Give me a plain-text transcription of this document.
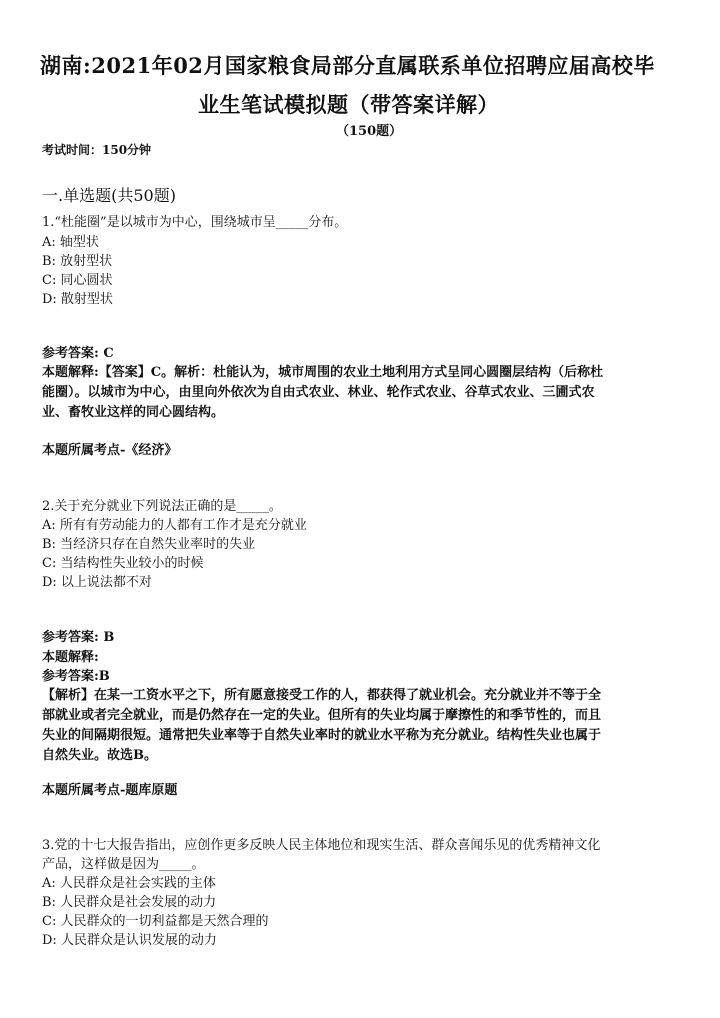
湖南:2021年02月国家粮食局部分直属联系单位招聘应届高校毕
业生笔试模拟题（带答案详解）
（150题）
考试时间：150分钟
一.单选题(共50题)
1.“杜能圈”是以城市为中心，围绕城市呈_____分布。
A: 轴型状
B: 放射型状
C: 同心圆状
D: 散射型状
参考答案: C
本题解释:【答案】C。解析：杜能认为，城市周围的农业土地利用方式呈同心圆圈层结构（后称杜
能圈）。以城市为中心，由里向外依次为自由式农业、林业、轮作式农业、谷草式农业、三圃式农
业、畜牧业这样的同心圆结构。
本题所属考点-《经济》
2.关于充分就业下列说法正确的是_____。
A: 所有有劳动能力的人都有工作才是充分就业
B: 当经济只存在自然失业率时的失业
C: 当结构性失业较小的时候
D: 以上说法都不对
参考答案: B
本题解释:
参考答案:B
【解析】在某一工资水平之下，所有愿意接受工作的人，都获得了就业机会。充分就业并不等于全
部就业或者完全就业，而是仍然存在一定的失业。但所有的失业均属于摩擦性的和季节性的，而且
失业的间隔期很短。通常把失业率等于自然失业率时的就业水平称为充分就业。结构性失业也属于
自然失业。故选B。
本题所属考点-题库原题
3.党的十七大报告指出，应创作更多反映人民主体地位和现实生活、群众喜闻乐见的优秀精神文化
产品，这样做是因为_____。
A: 人民群众是社会实践的主体
B: 人民群众是社会发展的动力
C: 人民群众的一切利益都是天然合理的
D: 人民群众是认识发展的动力
